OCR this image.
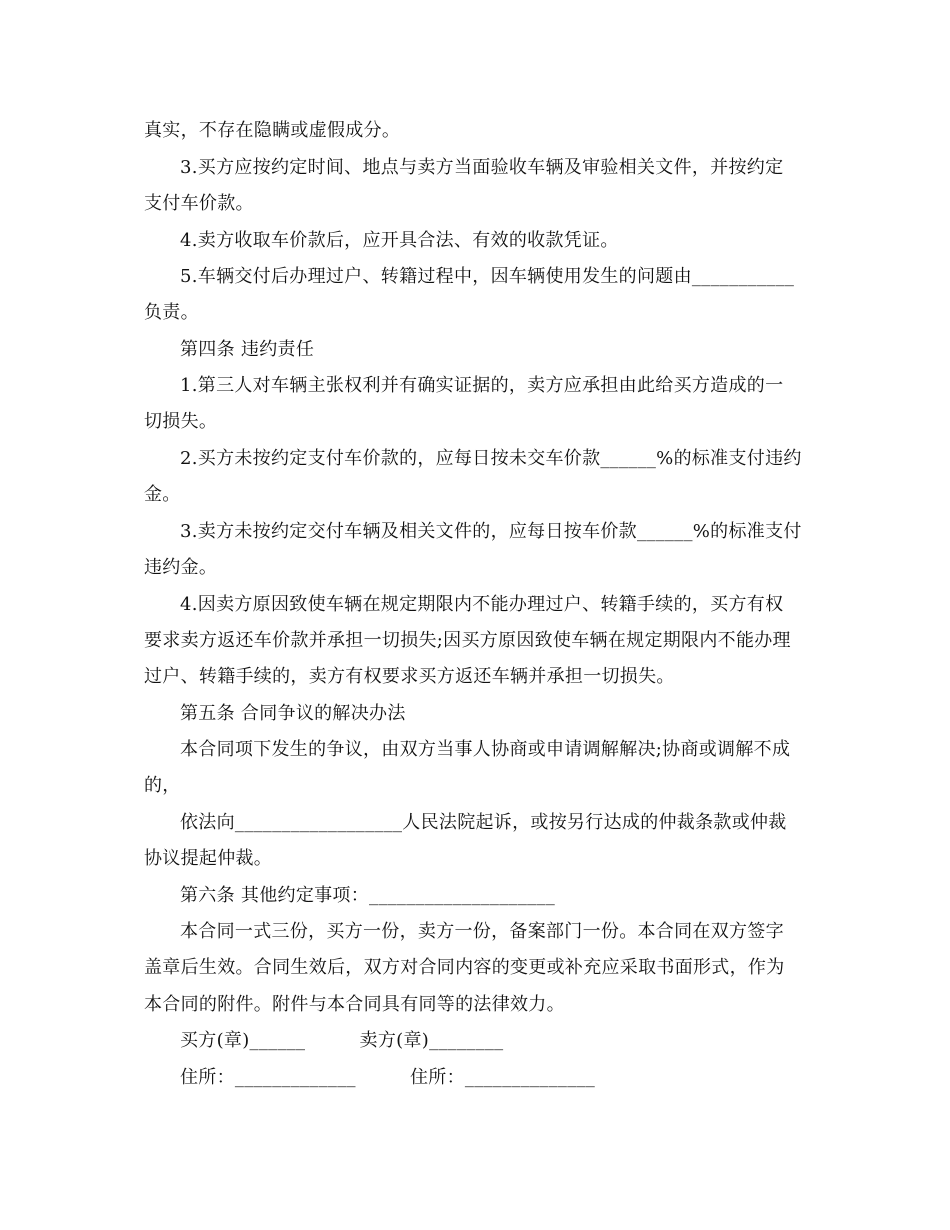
真实，不存在隐瞒或虚假成分。
3.买方应按约定时间、地点与卖方当面验收车辆及审验相关文件，并按约定
支付车价款。
4.卖方收取车价款后，应开具合法、有效的收款凭证。
5.车辆交付后办理过户、转籍过程中，因车辆使用发生的问题由___________
负责。
第四条 违约责任
1.第三人对车辆主张权利并有确实证据的，卖方应承担由此给买方造成的一
切损失。
2.买方未按约定支付车价款的，应每日按未交车价款______%的标准支付违约
金。
3.卖方未按约定交付车辆及相关文件的，应每日按车价款______%的标准支付
违约金。
4.因卖方原因致使车辆在规定期限内不能办理过户、转籍手续的，买方有权
要求卖方返还车价款并承担一切损失;因买方原因致使车辆在规定期限内不能办理
过户、转籍手续的，卖方有权要求买方返还车辆并承担一切损失。
第五条 合同争议的解决办法
本合同项下发生的争议，由双方当事人协商或申请调解解决;协商或调解不成
的，
依法向__________________人民法院起诉，或按另行达成的仲裁条款或仲裁
协议提起仲裁。
第六条 其他约定事项：____________________
本合同一式三份，买方一份，卖方一份，备案部门一份。本合同在双方签字
盖章后生效。合同生效后，双方对合同内容的变更或补充应采取书面形式，作为
本合同的附件。附件与本合同具有同等的法律效力。
买方(章)______         卖方(章)________
住所：_____________         住所：______________
